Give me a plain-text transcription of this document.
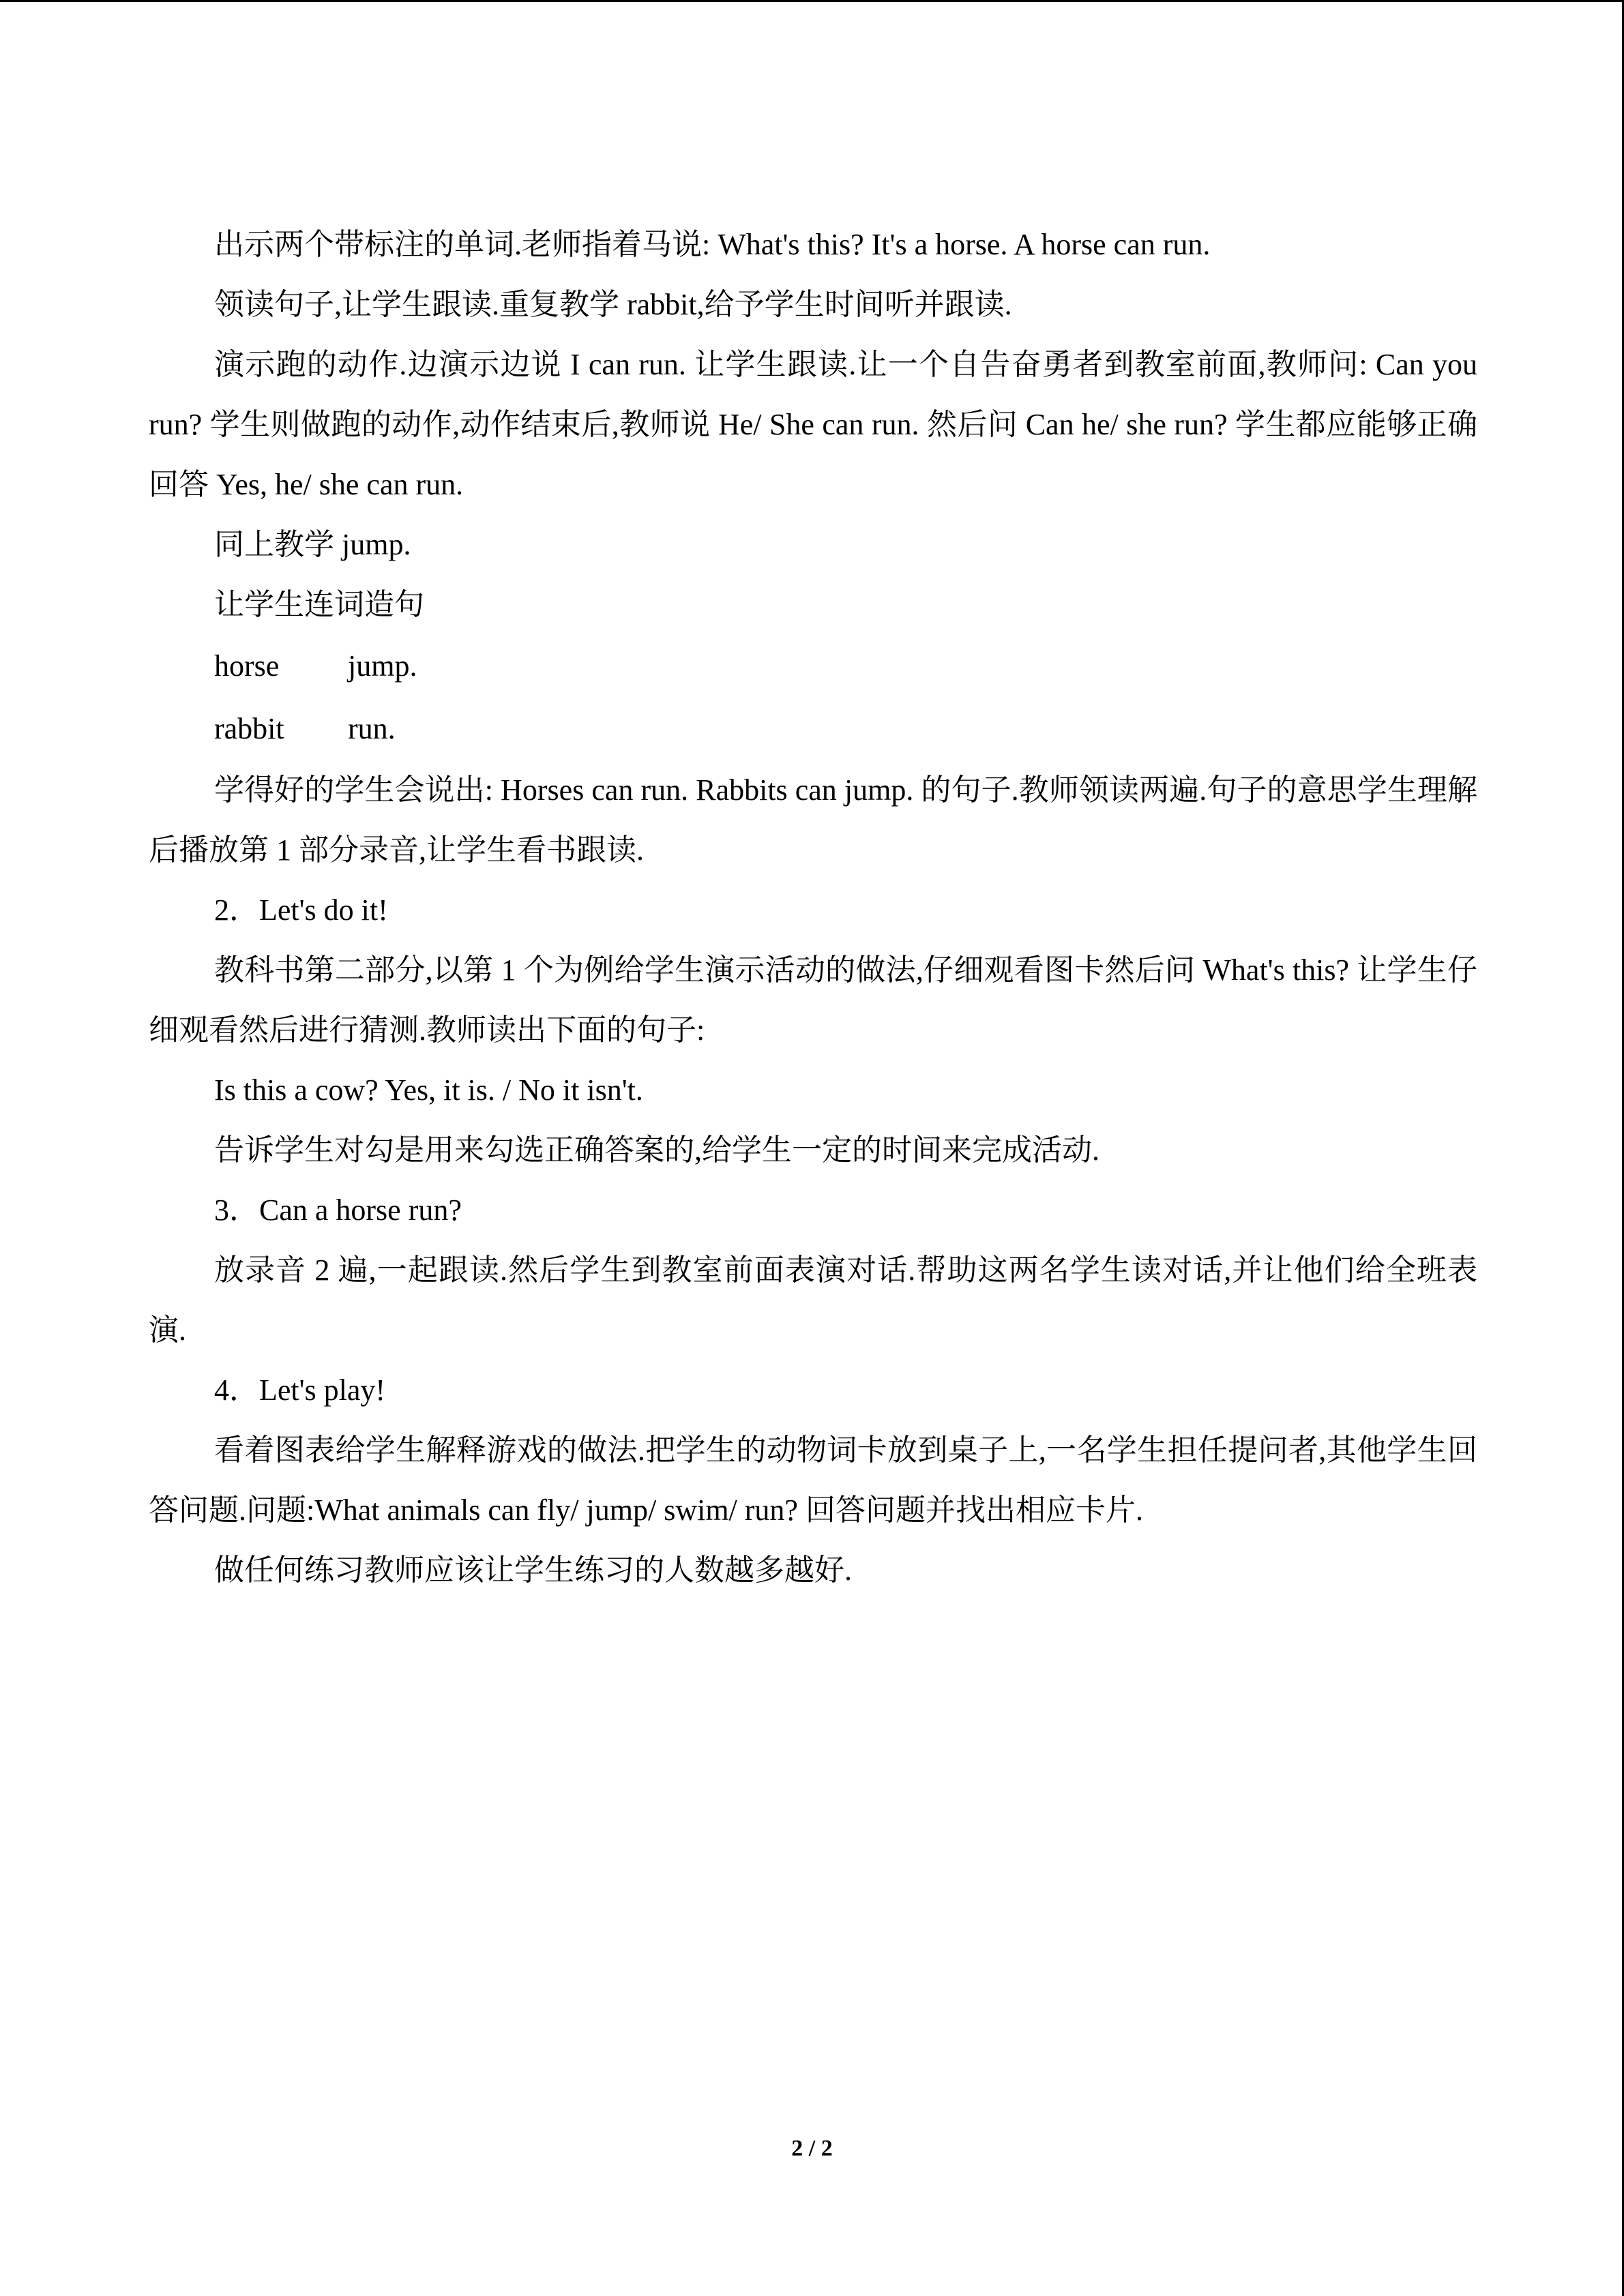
出示两个带标注的单词.老师指着马说: What's this? It's a horse. A horse can run.

领读句子,让学生跟读.重复教学 rabbit,给予学生时间听并跟读.

演示跑的动作.边演示边说 I can run. 让学生跟读.让一个自告奋勇者到教室前面,教师问: Can you run? 学生则做跑的动作,动作结束后,教师说 He/ She can run. 然后问 Can he/ she run? 学生都应能够正确回答 Yes, he/ she can run.

同上教学 jump.

让学生连词造句

horse	jump.
rabbit	run.

学得好的学生会说出: Horses can run. Rabbits can jump. 的句子.教师领读两遍.句子的意思学生理解后播放第 1 部分录音,让学生看书跟读.

2．Let's do it!

教科书第二部分,以第 1 个为例给学生演示活动的做法,仔细观看图卡然后问 What's this? 让学生仔细观看然后进行猜测.教师读出下面的句子:

Is this a cow? Yes, it is. / No it isn't.

告诉学生对勾是用来勾选正确答案的,给学生一定的时间来完成活动.

3．Can a horse run?

放录音 2 遍,一起跟读.然后学生到教室前面表演对话.帮助这两名学生读对话,并让他们给全班表演.

4．Let's play!

看着图表给学生解释游戏的做法.把学生的动物词卡放到桌子上,一名学生担任提问者,其他学生回答问题.问题:What animals can fly/ jump/ swim/ run? 回答问题并找出相应卡片.

做任何练习教师应该让学生练习的人数越多越好.

2 / 2
